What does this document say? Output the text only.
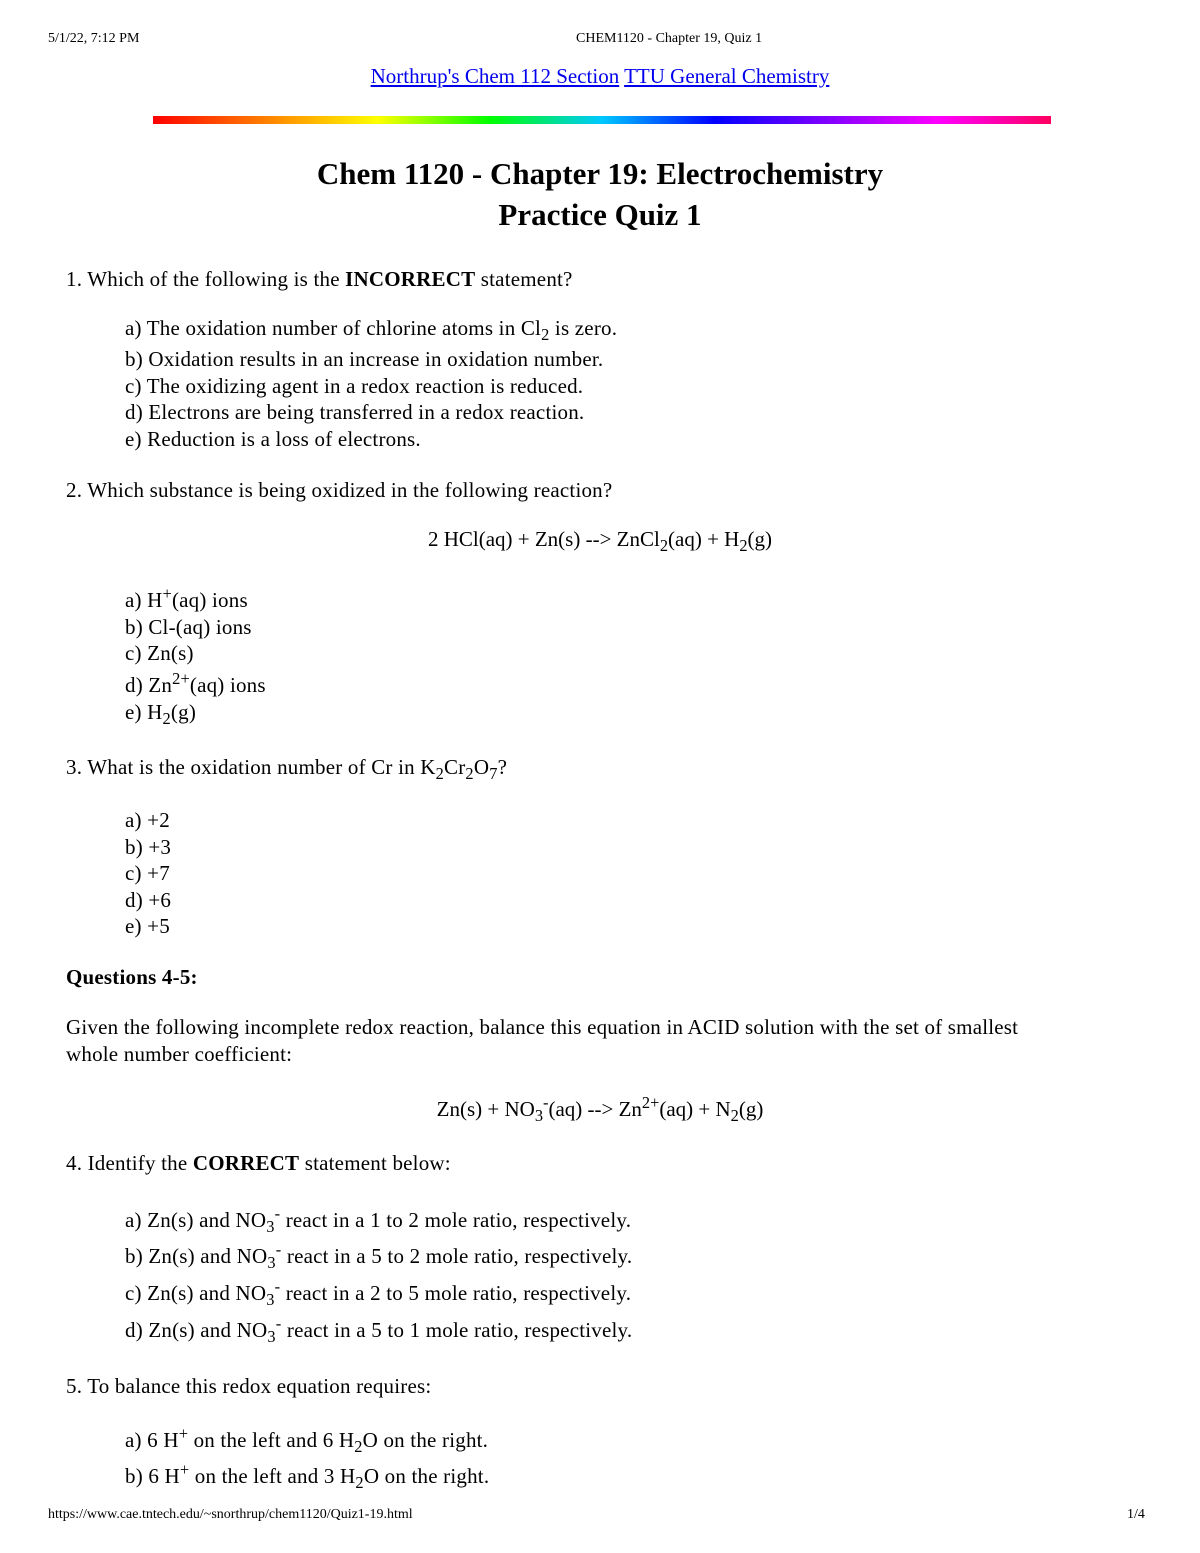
5/1/22, 7:12 PM	CHEM1120 - Chapter 19, Quiz 1
Northrup's Chem 112 Section TTU General Chemistry
Chem 1120 - Chapter 19: Electrochemistry
Practice Quiz 1
1. Which of the following is the INCORRECT statement?
a) The oxidation number of chlorine atoms in $Cl_2$ is zero.
b) Oxidation results in an increase in oxidation number.
c) The oxidizing agent in a redox reaction is reduced.
d) Electrons are being transferred in a redox reaction.
e) Reduction is a loss of electrons.
2. Which substance is being oxidized in the following reaction?
2 HCl(aq) + Zn(s) --> ZnCl$_2$(aq) + $H_2(g)$
a) H+(aq) ions
b) Cl-(aq) ions
c) Zn(s)
d) $Zn^{2+}(aq)$ ions
e) $H_2(g)$
3. What is the oxidation number of Cr in $K_2Cr_2O_7$?
a) +2
b) +3
c) +7
d) +6
e) +5
Questions 4-5:
Given the following incomplete redox reaction, balance this equation in ACID solution with the set of smallest
whole number coefficient:
$Zn(s) + NO_3^-(aq)$ --> $Zn^{2+}(aq) + N_2(g)$
4. Identify the CORRECT statement below:
a) Zn(s) and $NO_3^-$ react in a 1 to 2 mole ratio, respectively.
b) Zn(s) and $NO_3^-$ react in a 5 to 2 mole ratio, respectively.
c) Zn(s) and $NO_3^-$ react in a 2 to 5 mole ratio, respectively.
d) Zn(s) and $NO_3^-$ react in a 5 to 1 mole ratio, respectively.
5. To balance this redox equation requires:
a) 6 H+ on the left and 6 $H_2O$ on the right.
b) 6 H+ on the left and 3 $H_2O$ on the right.
https://www.cae.tntech.edu/~snorthrup/chem1120/Quiz1-19.html	1/4
